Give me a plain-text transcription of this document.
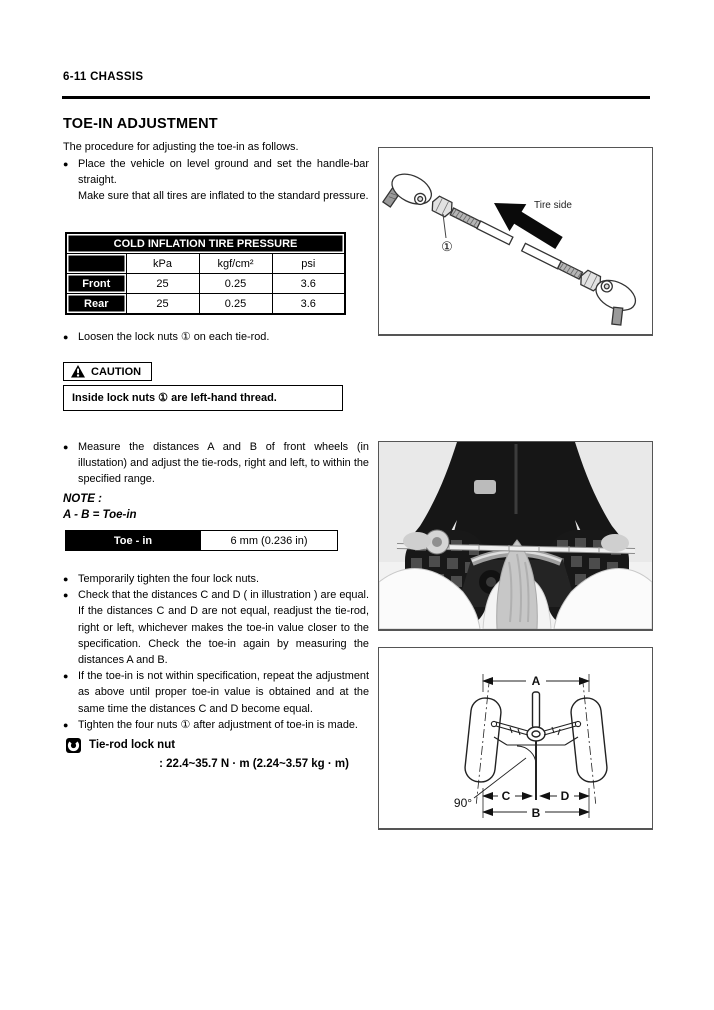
6-11 CHASSIS
TOE-IN ADJUSTMENT
The procedure for adjusting the toe-in as follows.
● Place the vehicle on level ground and set the handle-bar straight.
Make sure that all tires are inflated to the standard pressure.
COLD INFLATION TIRE PRESSURE			
	kPa	kgf/cm²	psi
Front	25	0.25	3.6
Rear	25	0.25	3.6
● Loosen the lock nuts ① on each tie-rod.
CAUTION
Inside lock nuts ① are left-hand thread.
● Measure the distances A and B of front wheels (in illustation) and adjust the tie-rods, right and left, to within the specified range.
NOTE :
A - B = Toe-in
Toe - in	6 mm (0.236 in)
● Temporarily tighten the four lock nuts.
● Check that the distances C and D ( in illustration ) are equal. If the distances C and D are not equal, readjust the tie-rod, right or left, whichever makes the toe-in value closer to the specification. Check the toe-in again by measuring the distances A and B.
● If the toe-in is not within specification, repeat the adjustment as above until proper toe-in value is obtained and at the same time the distances C and D become equal.
● Tighten the four nuts ① after adjustment of toe-in is made.
Tie-rod lock nut
: 22.4~35.7 N · m (2.24~3.57 kg · m)
Tire side
①
A
C	D
B
90°
